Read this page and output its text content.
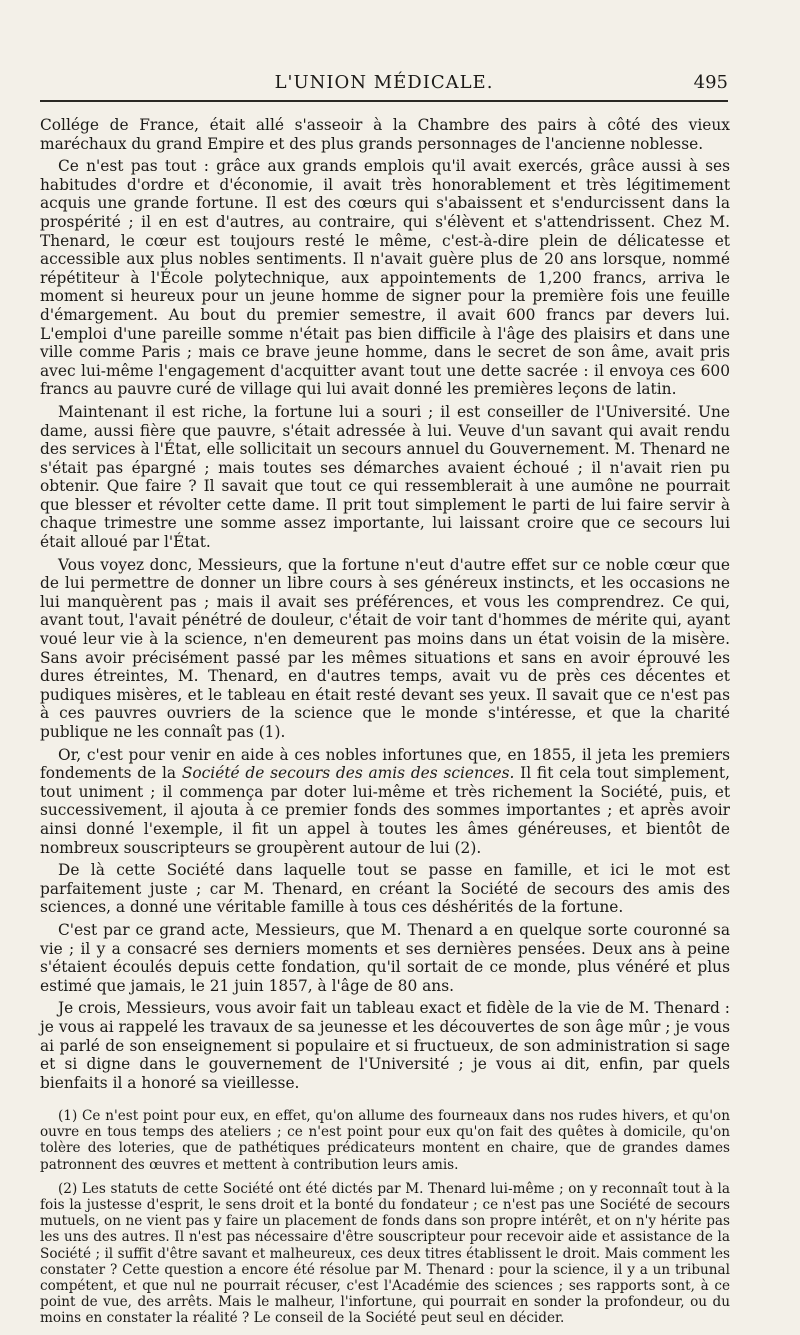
L'UNION MÉDICALE.	495

Collége de France, était allé s'asseoir à la Chambre des pairs à côté des vieux maréchaux du grand Empire et des plus grands personnages de l'ancienne noblesse.

Ce n'est pas tout : grâce aux grands emplois qu'il avait exercés, grâce aussi à ses habitudes d'ordre et d'économie, il avait très honorablement et très légitimement acquis une grande fortune. Il est des cœurs qui s'abaissent et s'endurcissent dans la prospérité ; il en est d'autres, au contraire, qui s'élèvent et s'attendrissent. Chez M. Thenard, le cœur est toujours resté le même, c'est-à-dire plein de délicatesse et accessible aux plus nobles sentiments. Il n'avait guère plus de 20 ans lorsque, nommé répétiteur à l'École polytechnique, aux appointements de 1,200 francs, arriva le moment si heureux pour un jeune homme de signer pour la première fois une feuille d'émargement. Au bout du premier semestre, il avait 600 francs par devers lui. L'emploi d'une pareille somme n'était pas bien difficile à l'âge des plaisirs et dans une ville comme Paris ; mais ce brave jeune homme, dans le secret de son âme, avait pris avec lui-même l'engagement d'acquitter avant tout une dette sacrée : il envoya ces 600 francs au pauvre curé de village qui lui avait donné les premières leçons de latin.

Maintenant il est riche, la fortune lui a souri ; il est conseiller de l'Université. Une dame, aussi fière que pauvre, s'était adressée à lui. Veuve d'un savant qui avait rendu des services à l'État, elle sollicitait un secours annuel du Gouvernement. M. Thenard ne s'était pas épargné ; mais toutes ses démarches avaient échoué ; il n'avait rien pu obtenir. Que faire ? Il savait que tout ce qui ressemblerait à une aumône ne pourrait que blesser et révolter cette dame. Il prit tout simplement le parti de lui faire servir à chaque trimestre une somme assez importante, lui laissant croire que ce secours lui était alloué par l'État.

Vous voyez donc, Messieurs, que la fortune n'eut d'autre effet sur ce noble cœur que de lui permettre de donner un libre cours à ses généreux instincts, et les occasions ne lui manquèrent pas ; mais il avait ses préférences, et vous les comprendrez. Ce qui, avant tout, l'avait pénétré de douleur, c'était de voir tant d'hommes de mérite qui, ayant voué leur vie à la science, n'en demeurent pas moins dans un état voisin de la misère. Sans avoir précisément passé par les mêmes situations et sans en avoir éprouvé les dures étreintes, M. Thenard, en d'autres temps, avait vu de près ces décentes et pudiques misères, et le tableau en était resté devant ses yeux. Il savait que ce n'est pas à ces pauvres ouvriers de la science que le monde s'intéresse, et que la charité publique ne les connaît pas (1).

Or, c'est pour venir en aide à ces nobles infortunes que, en 1855, il jeta les premiers fondements de la Société de secours des amis des sciences. Il fit cela tout simplement, tout uniment ; il commença par doter lui-même et très richement la Société, puis, et successivement, il ajouta à ce premier fonds des sommes importantes ; et après avoir ainsi donné l'exemple, il fit un appel à toutes les âmes généreuses, et bientôt de nombreux souscripteurs se groupèrent autour de lui (2).

De là cette Société dans laquelle tout se passe en famille, et ici le mot est parfaitement juste ; car M. Thenard, en créant la Société de secours des amis des sciences, a donné une véritable famille à tous ces déshérités de la fortune.

C'est par ce grand acte, Messieurs, que M. Thenard a en quelque sorte couronné sa vie ; il y a consacré ses derniers moments et ses dernières pensées. Deux ans à peine s'étaient écoulés depuis cette fondation, qu'il sortait de ce monde, plus vénéré et plus estimé que jamais, le 21 juin 1857, à l'âge de 80 ans.

Je crois, Messieurs, vous avoir fait un tableau exact et fidèle de la vie de M. Thenard : je vous ai rappelé les travaux de sa jeunesse et les découvertes de son âge mûr ; je vous ai parlé de son enseignement si populaire et si fructueux, de son administration si sage et si digne dans le gouvernement de l'Université ; je vous ai dit, enfin, par quels bienfaits il a honoré sa vieillesse.

(1) Ce n'est point pour eux, en effet, qu'on allume des fourneaux dans nos rudes hivers, et qu'on ouvre en tous temps des ateliers ; ce n'est point pour eux qu'on fait des quêtes à domicile, qu'on tolère des loteries, que de pathétiques prédicateurs montent en chaire, que de grandes dames patronnent des œuvres et mettent à contribution leurs amis.

(2) Les statuts de cette Société ont été dictés par M. Thenard lui-même ; on y reconnaît tout à la fois la justesse d'esprit, le sens droit et la bonté du fondateur ; ce n'est pas une Société de secours mutuels, on ne vient pas y faire un placement de fonds dans son propre intérêt, et on n'y hérite pas les uns des autres. Il n'est pas nécessaire d'être souscripteur pour recevoir aide et assistance de la Société ; il suffit d'être savant et malheureux, ces deux titres établissent le droit. Mais comment les constater ? Cette question a encore été résolue par M. Thenard : pour la science, il y a un tribunal compétent, et que nul ne pourrait récuser, c'est l'Académie des sciences ; ses rapports sont, à ce point de vue, des arrêts. Mais le malheur, l'infortune, qui pourrait en sonder la profondeur, ou du moins en constater la réalité ? Le conseil de la Société peut seul en décider.
